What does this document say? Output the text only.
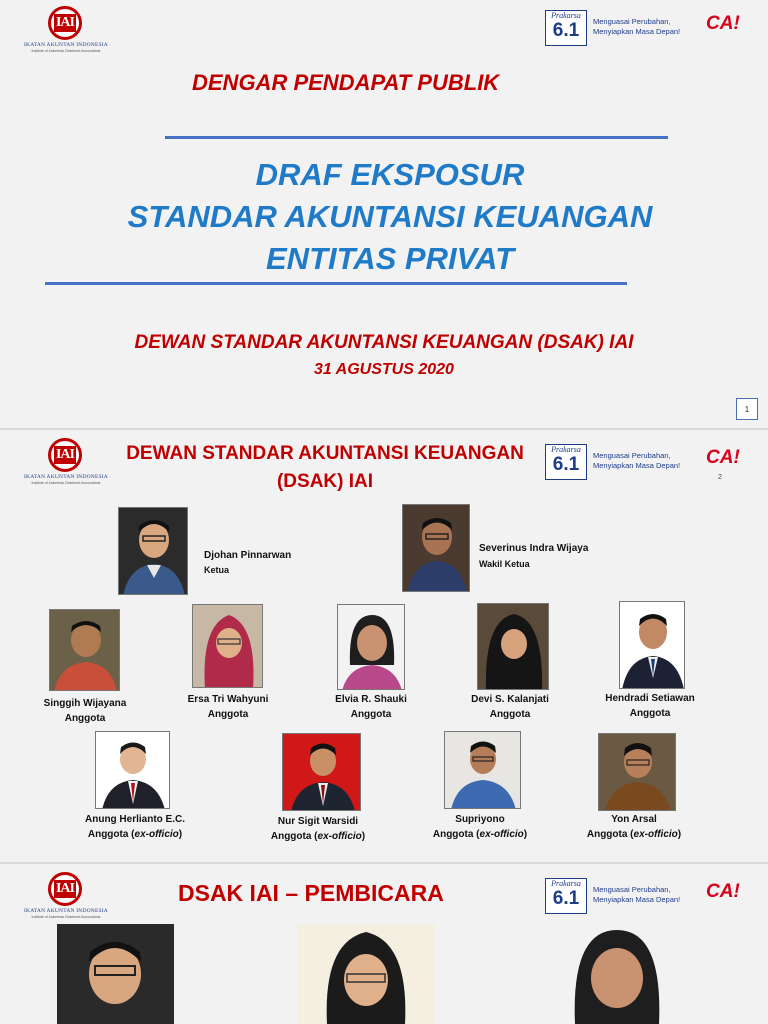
IAI
IKATAN AKUNTAN INDONESIA
Institute of Indonesia Chartered Accountants
Prakarsa
6.1	Menguasai Perubahan,
Menyiapkan Masa Depan!	CA!
DENGAR PENDAPAT PUBLIK
DRAF EKSPOSUR
STANDAR AKUNTANSI KEUANGAN
ENTITAS PRIVAT
DEWAN STANDAR AKUNTANSI KEUANGAN (DSAK) IAI
31 AGUSTUS 2020
1
IAI
IKATAN AKUNTAN INDONESIA
Institute of Indonesia Chartered Accountants
Prakarsa
6.1	Menguasai Perubahan,
Menyiapkan Masa Depan!	CA!
2
DEWAN STANDAR AKUNTANSI KEUANGAN
(DSAK) IAI
Djohan Pinnarwan
Ketua
Severinus Indra Wijaya
Wakil Ketua
Singgih Wijayana
Anggota
Ersa Tri Wahyuni
Anggota
Elvia R. Shauki
Anggota
Devi S. Kalanjati
Anggota
Hendradi Setiawan
Anggota
Anung Herlianto E.C.
Anggota (ex-officio)
Nur Sigit Warsidi
Anggota (ex-officio)
Supriyono
Anggota (ex-officio)
Yon Arsal
Anggota (ex-officio)
IAI
IKATAN AKUNTAN INDONESIA
Institute of Indonesia Chartered Accountants
Prakarsa
6.1	Menguasai Perubahan,
Menyiapkan Masa Depan!	CA!
DSAK IAI – PEMBICARA
